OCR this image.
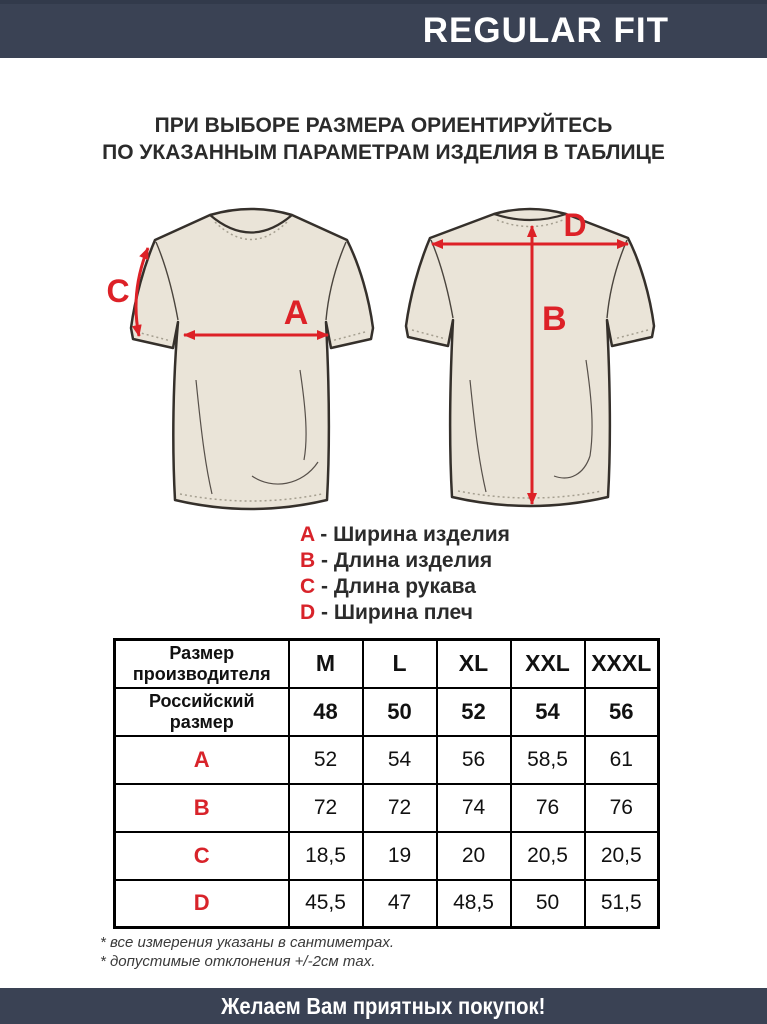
REGULAR FIT
ПРИ ВЫБОРЕ РАЗМЕРА ОРИЕНТИРУЙТЕСЬ
ПО УКАЗАННЫМ ПАРАМЕТРАМ ИЗДЕЛИЯ В ТАБЛИЦЕ
A
C
D
B
A - Ширина изделия
B - Длина изделия
C - Длина рукава
D - Ширина плеч
Размер производителя	M	L	XL	XXL	XXXL
Российский размер	48	50	52	54	56
A	52	54	56	58,5	61
B	72	72	74	76	76
C	18,5	19	20	20,5	20,5
D	45,5	47	48,5	50	51,5
* все измерения указаны в сантиметрах.
* допустимые отклонения +/-2см max.
Желаем Вам приятных покупок!
